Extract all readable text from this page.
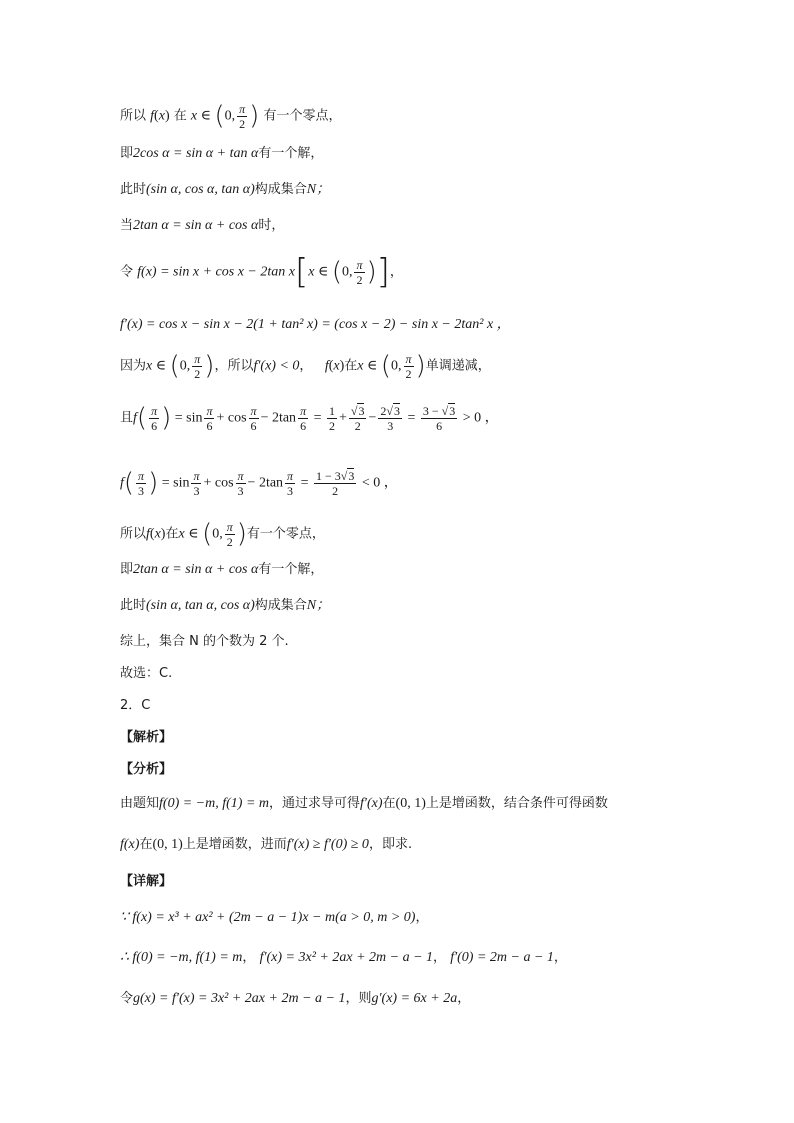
所以 f(x) 在 x ∈ (0, $\frac{\pi}{2}$ ) 有一个零点，
即2cos α = sin α + tan α有一个解，
此时(sin α, cos α, tan α)构成集合N；
当2tan α = sin α + cos α时，
令 f(x) = sin x + cos x − 2tan x[x ∈ (0, $\frac{\pi}{2}$ )]，
f′(x) = cos x − sin x − 2(1 + tan² x) = (cos x − 2) − sin x − 2tan² x ，
因为x ∈ (0, $\frac{\pi}{2}$ )，所以f′(x) < 0， f(x)在x ∈ (0, $\frac{\pi}{2}$ )单调递减，
且$f( \frac{\pi}{6}$ ) = $\sin \frac{\pi}{6} + \cos \frac{\pi}{6} - 2\tan \frac{\pi}{6} = \frac{1}{2} + \frac{√3}{2} - \frac{2√3}{3} = \frac{3 - √3}{6} > 0$ ，
$f( \frac{\pi}{3}$ ) = $\sin \frac{\pi}{3} + \cos \frac{\pi}{3} - 2\tan \frac{\pi}{3} = \frac{1 - 3√3}{2} < 0$ ，
所以f(x)在x ∈ (0, $\frac{\pi}{2}$ )有一个零点，
即2tan α = sin α + cos α有一个解，
此时(sin α, tan α, cos α)构成集合N；
综上，集合 N 的个数为 2 个.
故选：C.
2．C
【解析】
【分析】
由题知f(0) = −m, f(1) = m，通过求导可得f′(x)在(0, 1)上是增函数，结合条件可得函数
f(x)在(0, 1)上是增函数，进而f′(x) ≥ f′(0) ≥ 0，即求.
【详解】
∵ f(x) = x³ + ax² + (2m − a − 1)x − m(a > 0, m > 0)，
∴ f(0) = −m, f(1) = m， f′(x) = 3x² + 2ax + 2m − a − 1， f′(0) = 2m − a − 1，
令g(x) = f′(x) = 3x² + 2ax + 2m − a − 1，则g′(x) = 6x + 2a，
